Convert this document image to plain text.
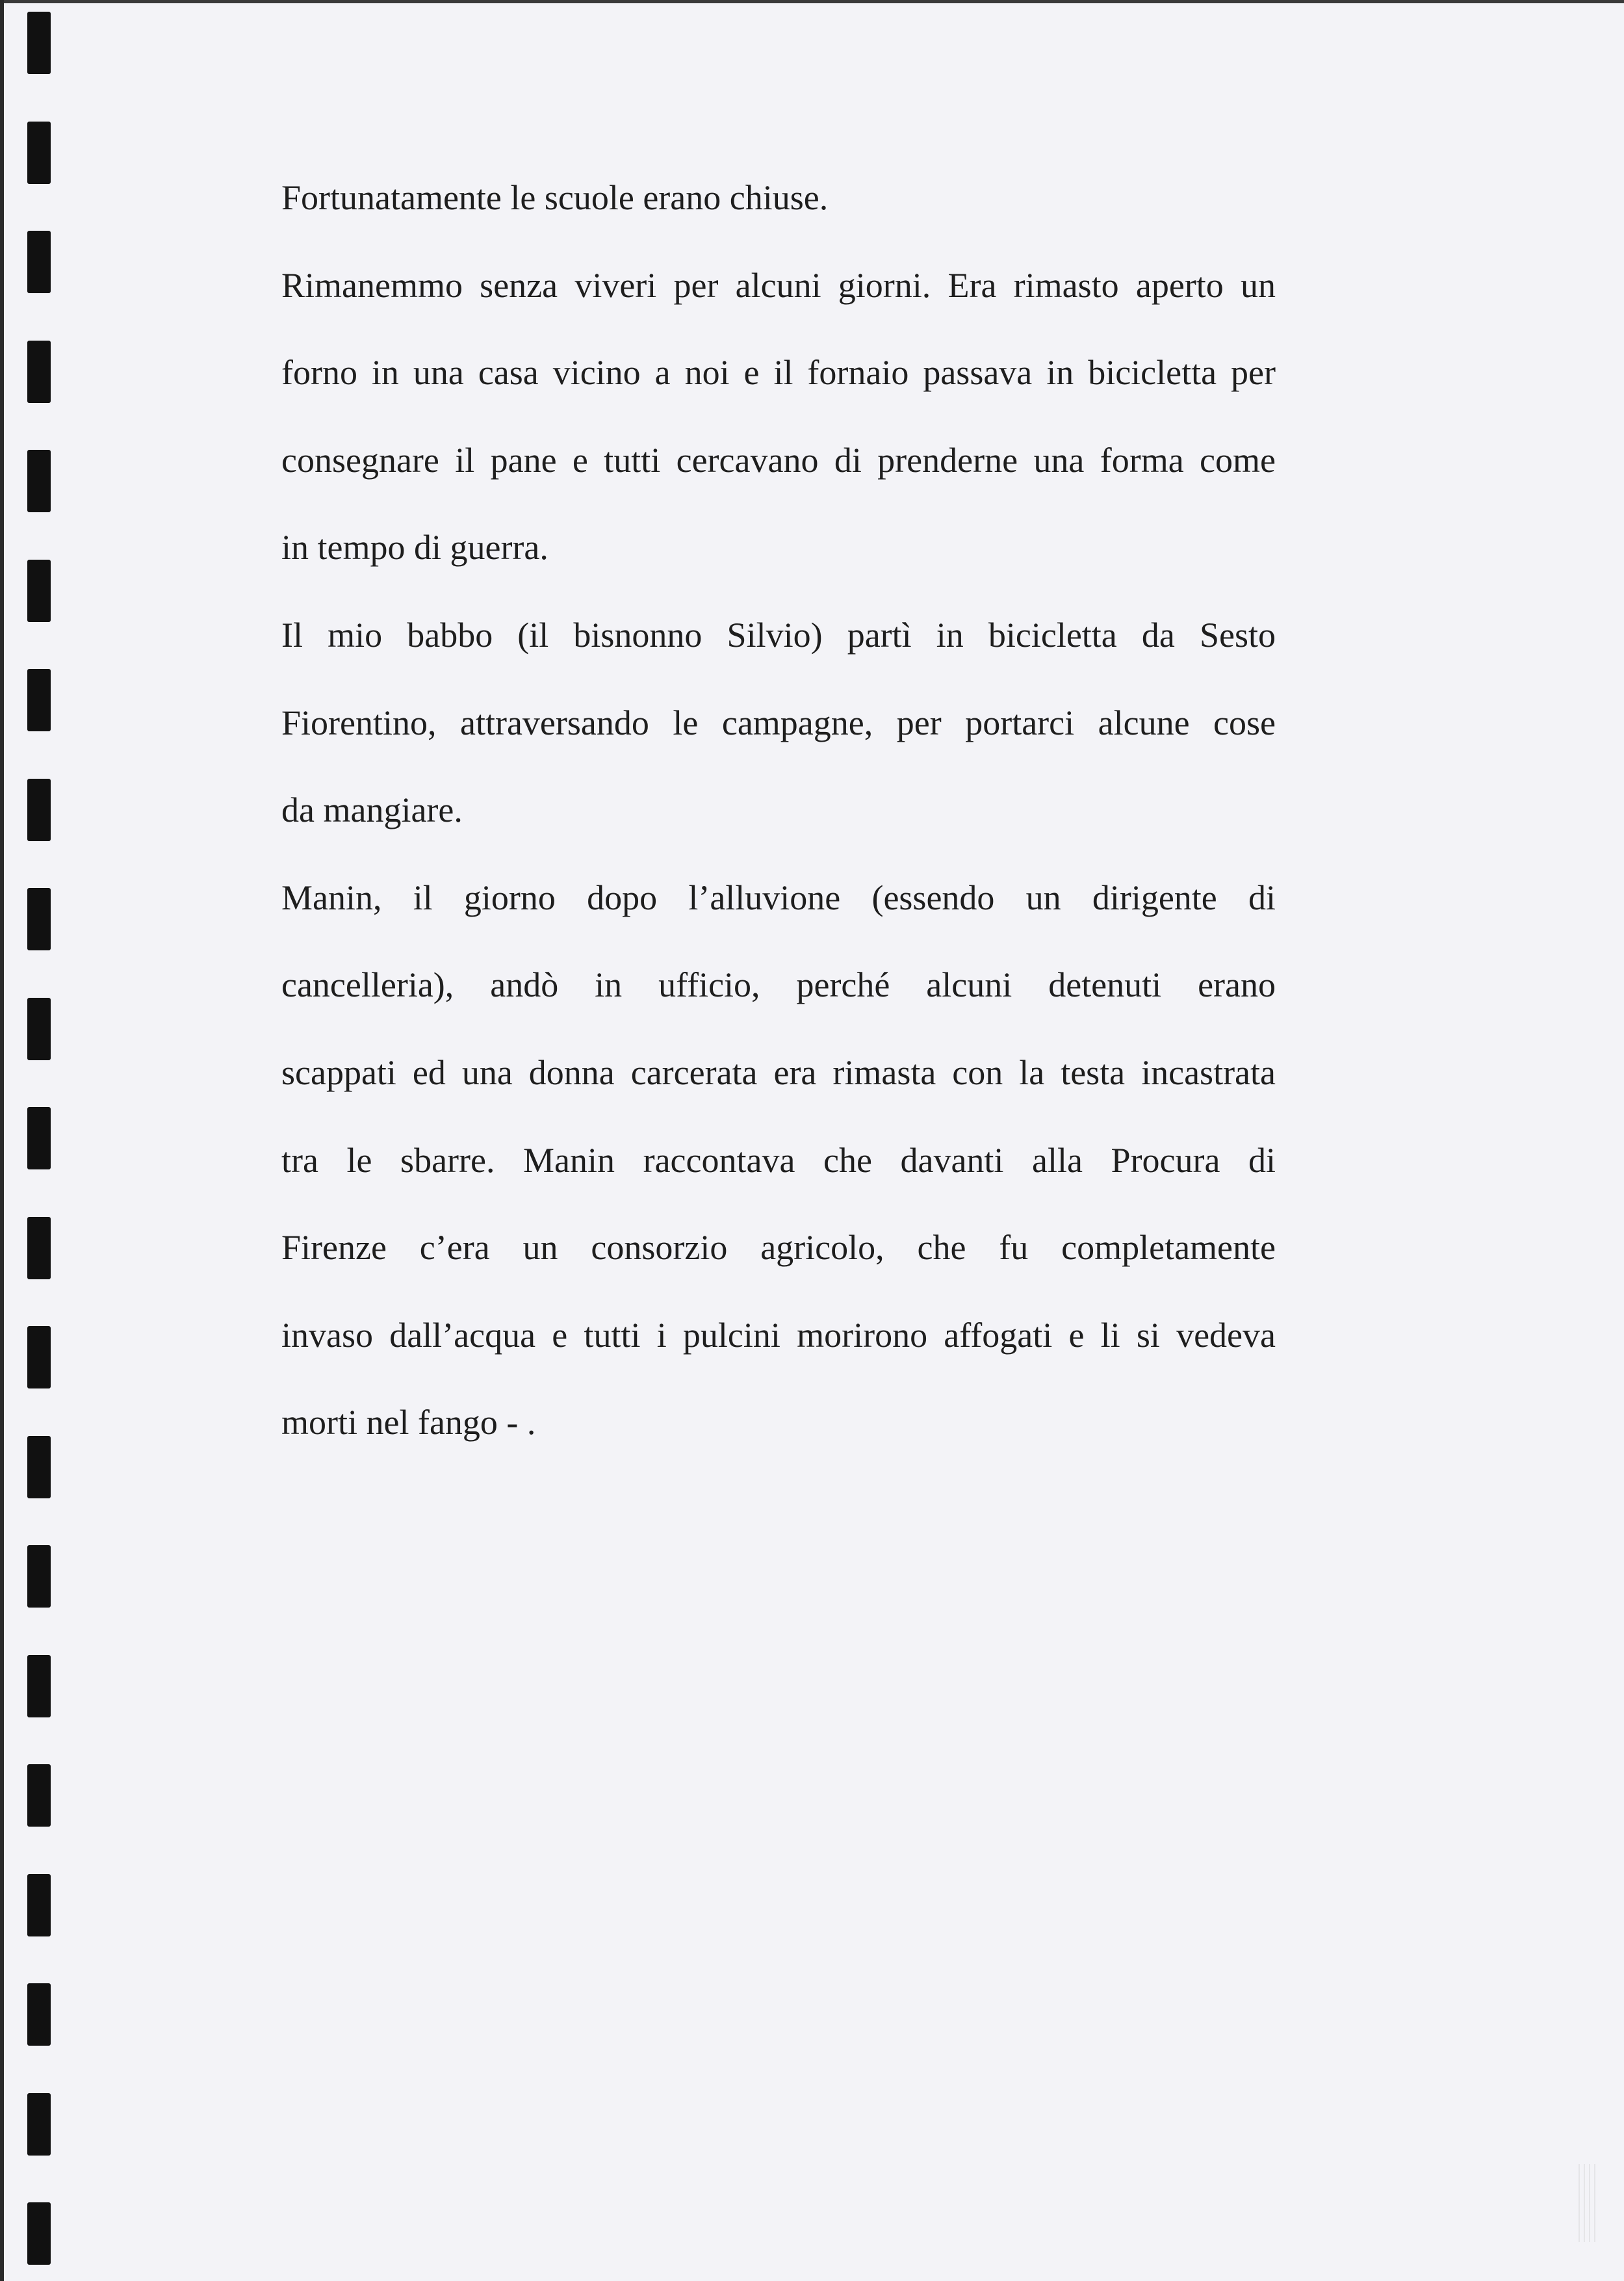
Fortunatamente le scuole erano chiuse.
Rimanemmo senza viveri per alcuni giorni. Era rimasto aperto un
forno in una casa vicino a noi e il fornaio passava in bicicletta per
consegnare il pane e tutti cercavano di prenderne una forma come
in tempo di guerra.
Il mio babbo (il bisnonno Silvio) partì in bicicletta da Sesto
Fiorentino, attraversando le campagne, per portarci alcune cose
da mangiare.
Manin, il giorno dopo l’alluvione (essendo un dirigente di
cancelleria), andò in ufficio, perché alcuni detenuti erano
scappati ed una donna carcerata era rimasta con la testa incastrata
tra le sbarre. Manin raccontava che davanti alla Procura di
Firenze c’era un consorzio agricolo, che fu completamente
invaso dall’acqua e tutti i pulcini morirono affogati e li si vedeva
morti nel fango - .
